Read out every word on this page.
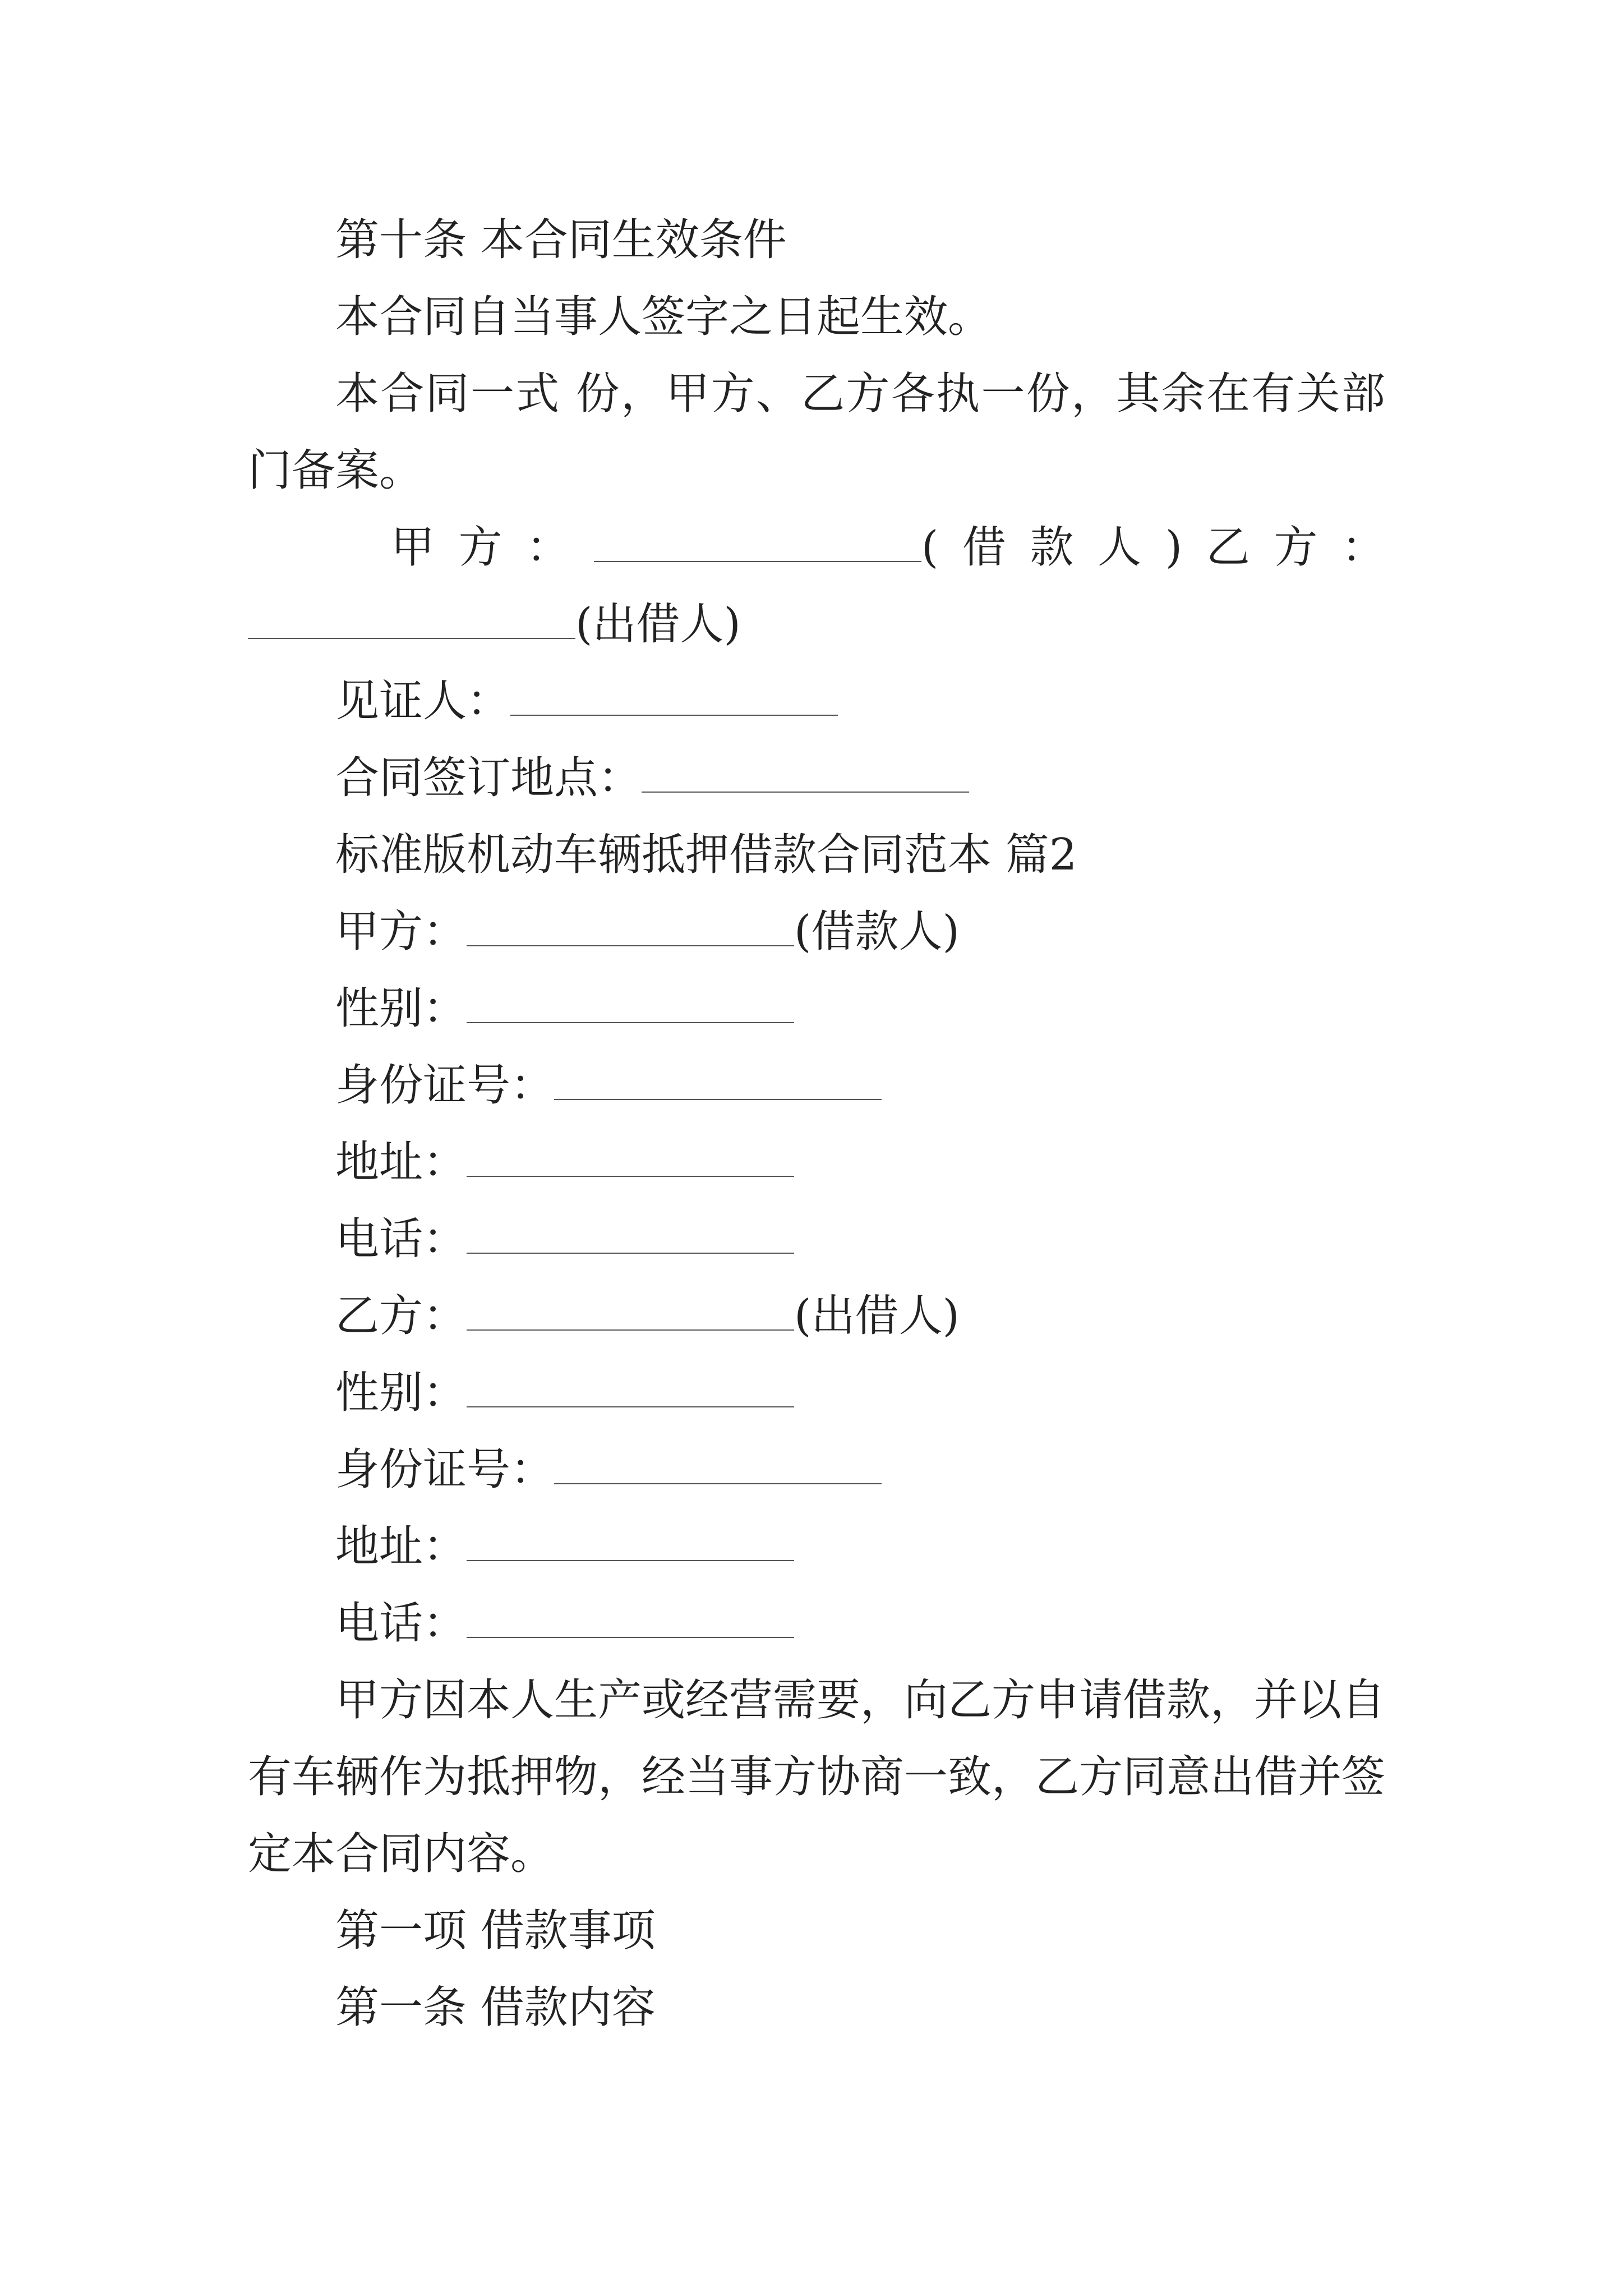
第十条 本合同生效条件
本合同自当事人签字之日起生效。
本合同一式 份，甲方、乙方各执一份，其余在有关部
门备案。
甲方：	(借款人)乙方：
(出借人)
见证人：
合同签订地点：
标准版机动车辆抵押借款合同范本 篇2
甲方：	(借款人)
性别：
身份证号：
地址：
电话：
乙方：	(出借人)
性别：
身份证号：
地址：
电话：
甲方因本人生产或经营需要，向乙方申请借款，并以自
有车辆作为抵押物，经当事方协商一致，乙方同意出借并签
定本合同内容。
第一项 借款事项
第一条 借款内容
